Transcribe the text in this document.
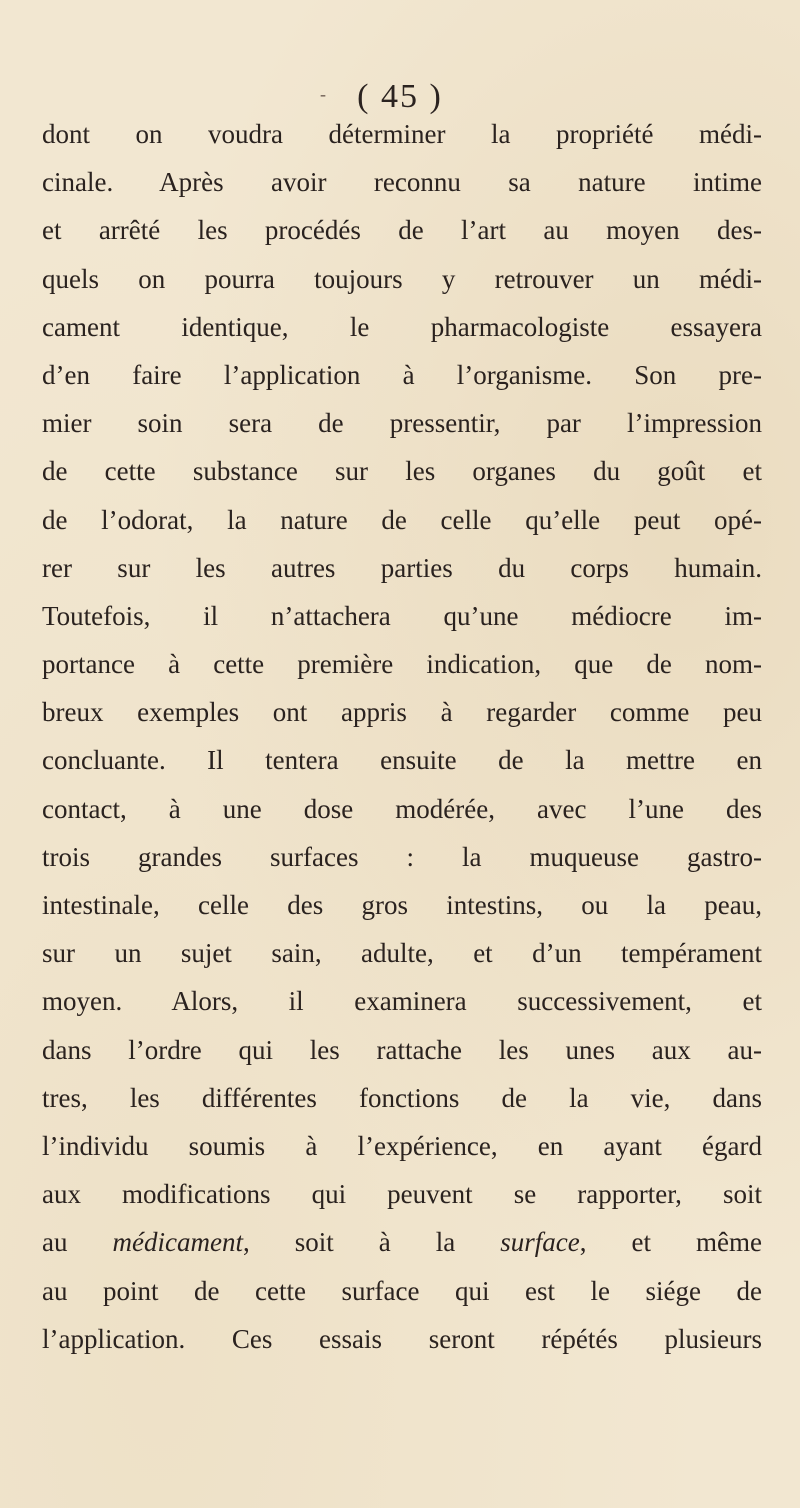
- ( 45 )
dont on voudra déterminer la propriété médi-
cinale. Après avoir reconnu sa nature intime
et arrêté les procédés de l’art au moyen des-
quels on pourra toujours y retrouver un médi-
cament identique, le pharmacologiste essayera
d’en faire l’application à l’organisme. Son pre-
mier soin sera de pressentir, par l’impression
de cette substance sur les organes du goût et
de l’odorat, la nature de celle qu’elle peut opé-
rer sur les autres parties du corps humain.
Toutefois, il n’attachera qu’une médiocre im-
portance à cette première indication, que de nom-
breux exemples ont appris à regarder comme peu
concluante. Il tentera ensuite de la mettre en
contact, à une dose modérée, avec l’une des
trois grandes surfaces : la muqueuse gastro-
intestinale, celle des gros intestins, ou la peau,
sur un sujet sain, adulte, et d’un tempérament
moyen. Alors, il examinera successivement, et
dans l’ordre qui les rattache les unes aux au-
tres, les différentes fonctions de la vie, dans
l’individu soumis à l’expérience, en ayant égard
aux modifications qui peuvent se rapporter, soit
au médicament, soit à la surface, et même
au point de cette surface qui est le siége de
l’application. Ces essais seront répétés plusieurs
